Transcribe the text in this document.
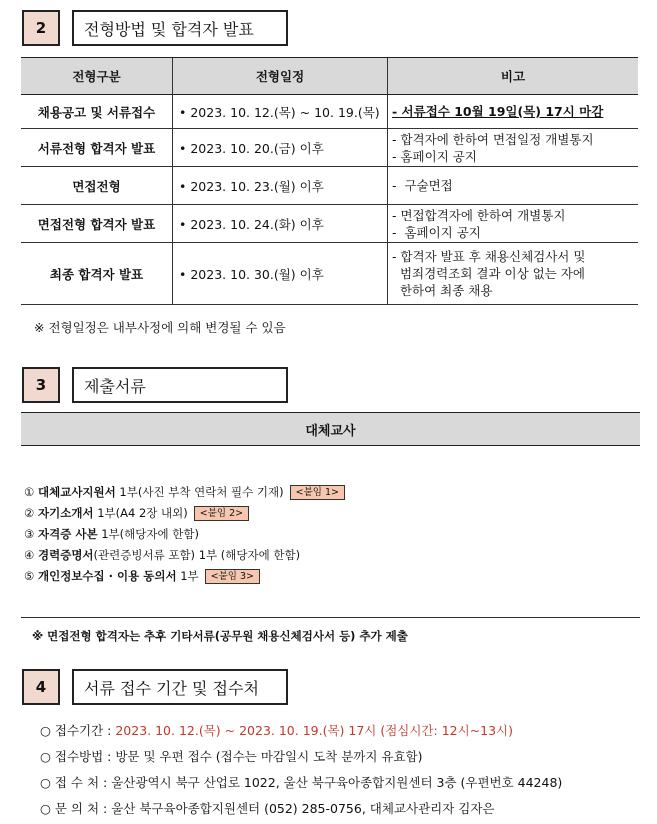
2	전형방법 및 합격자 발표
전형구분	전형일정	비고
채용공고 및 서류접수	• 2023. 10. 12.(목) ~ 10. 19.(목)	- 서류접수 10월 19일(목) 17시 마감

서류전형 합격자 발표	• 2023. 10. 20.(금) 이후	- 합격자에 한하여 면접일정 개별통지
- 홈페이지 공지

면접전형	• 2023. 10. 23.(월) 이후	-  구술면접

면접전형 합격자 발표	• 2023. 10. 24.(화) 이후	- 면접합격자에 한하여 개별통지
-  홈페이지 공지

최종 합격자 발표	• 2023. 10. 30.(월) 이후	- 합격자 발표 후 채용신체검사서 및
범죄경력조회 결과 이상 없는 자에
한하여 최종 채용
※ 전형일정은 내부사정에 의해 변경될 수 있음
3	제출서류
대체교사
① 대체교사지원서 1부(사진 부착 연락처 필수 기재)	<붙임 1>
② 자기소개서 1부(A4 2장 내외)	<붙임 2>
③ 자격증 사본 1부(해당자에 한함)
④ 경력증명서 (관련증빙서류 포함) 1부 (해당자에 한함)
⑤ 개인정보수집 · 이용 동의서 1부	<붙임 3>
※ 면접전형 합격자는 추후 기타서류(공무원 채용신체검사서 등) 추가 제출
4	서류 접수 기간 및 접수처
○ 접수기간 : 2023. 10. 12.(목) ~ 2023. 10. 19.(목) 17시 (점심시간: 12시~13시)
○ 접수방법 : 방문 및 우편 접수 (접수는 마감일시 도착 분까지 유효함)
○ 접 수 처 : 울산광역시 북구 산업로 1022, 울산 북구육아종합지원센터 3층 (우편번호 44248)
○ 문 의 처 : 울산 북구육아종합지원센터 (052) 285-0756, 대체교사관리자 김자은
